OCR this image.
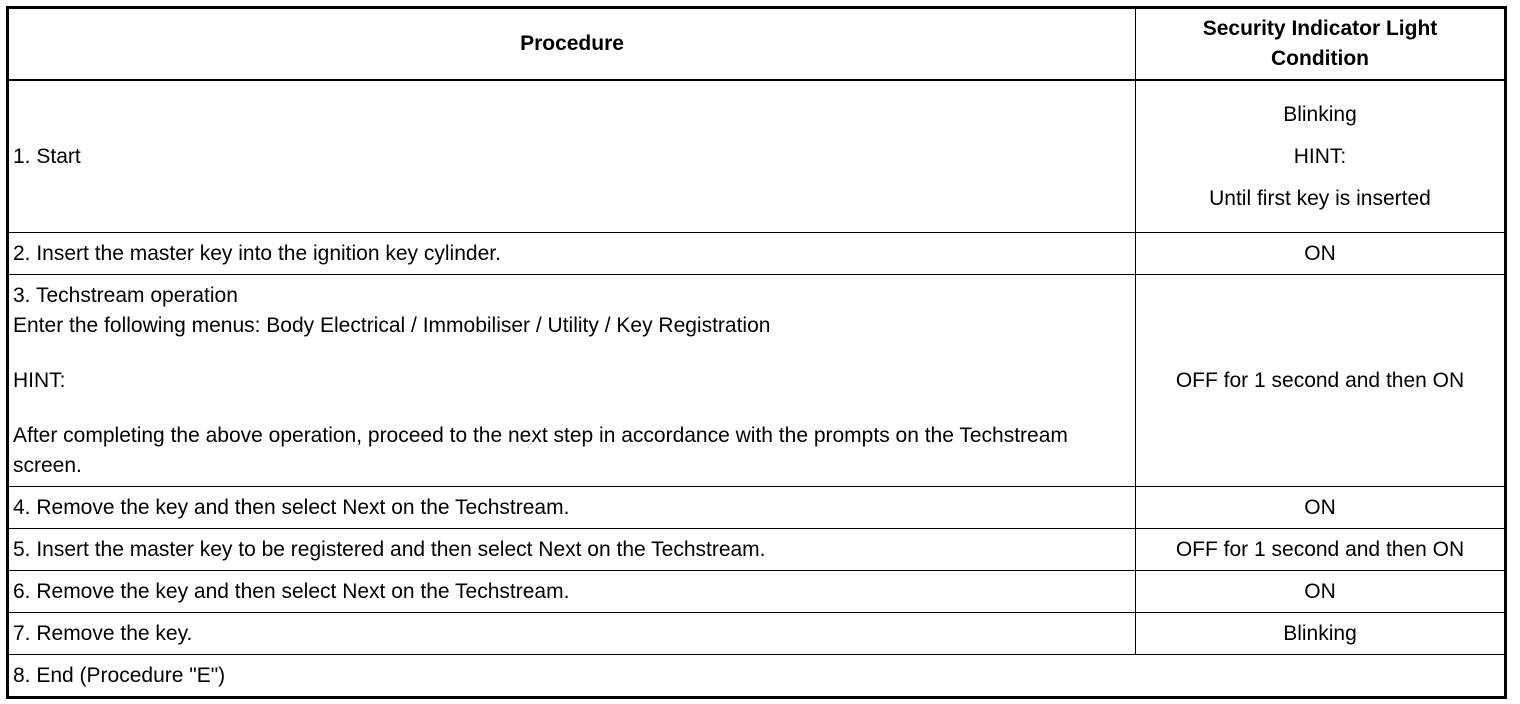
Procedure	Security Indicator Light
Condition

1. Start	Blinking
HINT:
Until first key is inserted

2. Insert the master key into the ignition key cylinder.	ON

3. Techstream operation
Enter the following menus: Body Electrical / Immobiliser / Utility / Key Registration
HINT:
After completing the above operation, proceed to the next step in accordance with the prompts on the Techstream screen.	OFF for 1 second and then ON
4. Remove the key and then select Next on the Techstream.	ON
5. Insert the master key to be registered and then select Next on the Techstream.	OFF for 1 second and then ON
6. Remove the key and then select Next on the Techstream.	ON
7. Remove the key.	Blinking
8. End (Procedure "E")	
